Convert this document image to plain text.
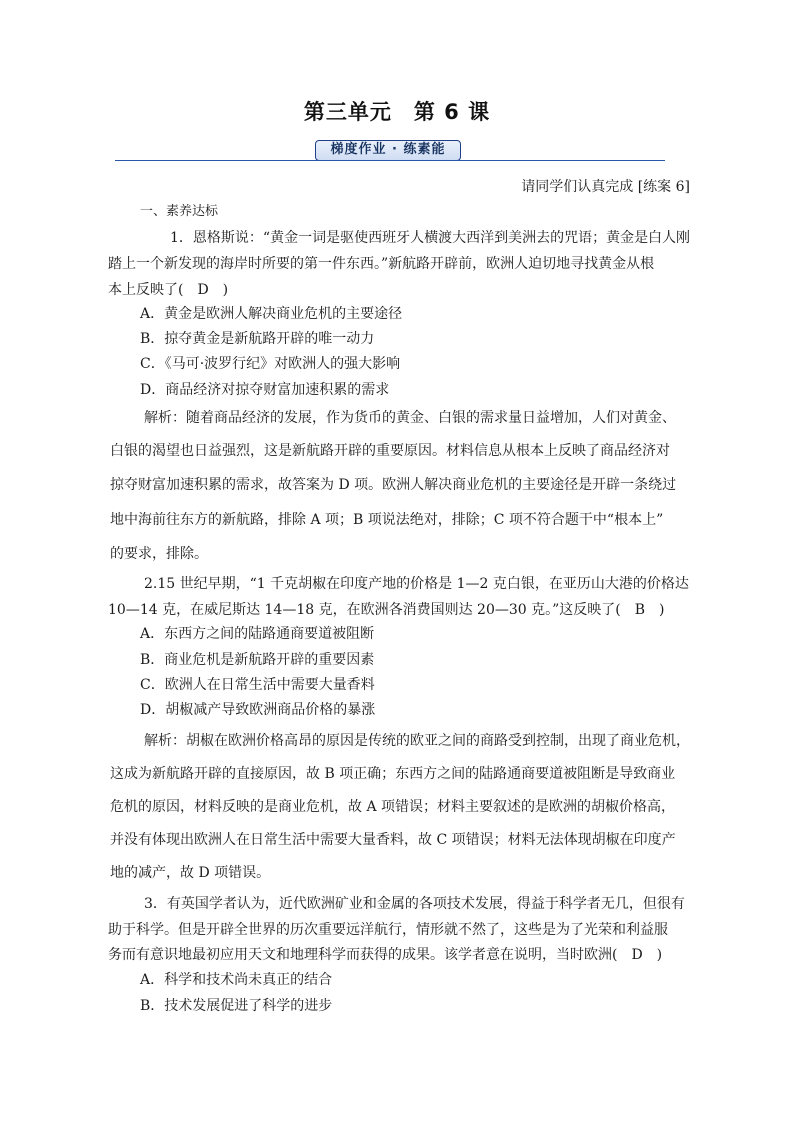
第三单元 第 6 课
梯度作业 · 练素能
请同学们认真完成 [练案 6]
一、素养达标
1．恩格斯说：“黄金一词是驱使西班牙人横渡大西洋到美洲去的咒语；黄金是白人刚
踏上一个新发现的海岸时所要的第一件东西。”新航路开辟前，欧洲人迫切地寻找黄金从根
本上反映了(　D　)
A．黄金是欧洲人解决商业危机的主要途径
B．掠夺黄金是新航路开辟的唯一动力
C．《马可·波罗行纪》对欧洲人的强大影响
D．商品经济对掠夺财富加速积累的需求
解析：随着商品经济的发展，作为货币的黄金、白银的需求量日益增加，人们对黄金、
白银的渴望也日益强烈，这是新航路开辟的重要原因。材料信息从根本上反映了商品经济对
掠夺财富加速积累的需求，故答案为 D 项。欧洲人解决商业危机的主要途径是开辟一条绕过
地中海前往东方的新航路，排除 A 项；B 项说法绝对，排除；C 项不符合题干中“根本上”
的要求，排除。
2.15 世纪早期，“1 千克胡椒在印度产地的价格是 1—2 克白银，在亚历山大港的价格达
10—14 克，在威尼斯达 14—18 克，在欧洲各消费国则达 20—30 克。”这反映了(　B　)
A．东西方之间的陆路通商要道被阻断
B．商业危机是新航路开辟的重要因素
C．欧洲人在日常生活中需要大量香料
D．胡椒减产导致欧洲商品价格的暴涨
解析：胡椒在欧洲价格高昂的原因是传统的欧亚之间的商路受到控制，出现了商业危机，
这成为新航路开辟的直接原因，故 B 项正确；东西方之间的陆路通商要道被阻断是导致商业
危机的原因，材料反映的是商业危机，故 A 项错误；材料主要叙述的是欧洲的胡椒价格高，
并没有体现出欧洲人在日常生活中需要大量香料，故 C 项错误；材料无法体现胡椒在印度产
地的减产，故 D 项错误。
3．有英国学者认为，近代欧洲矿业和金属的各项技术发展，得益于科学者无几，但很有
助于科学。但是开辟全世界的历次重要远洋航行，情形就不然了，这些是为了光荣和利益服
务而有意识地最初应用天文和地理科学而获得的成果。该学者意在说明，当时欧洲(　D　)
A．科学和技术尚未真正的结合
B．技术发展促进了科学的进步
